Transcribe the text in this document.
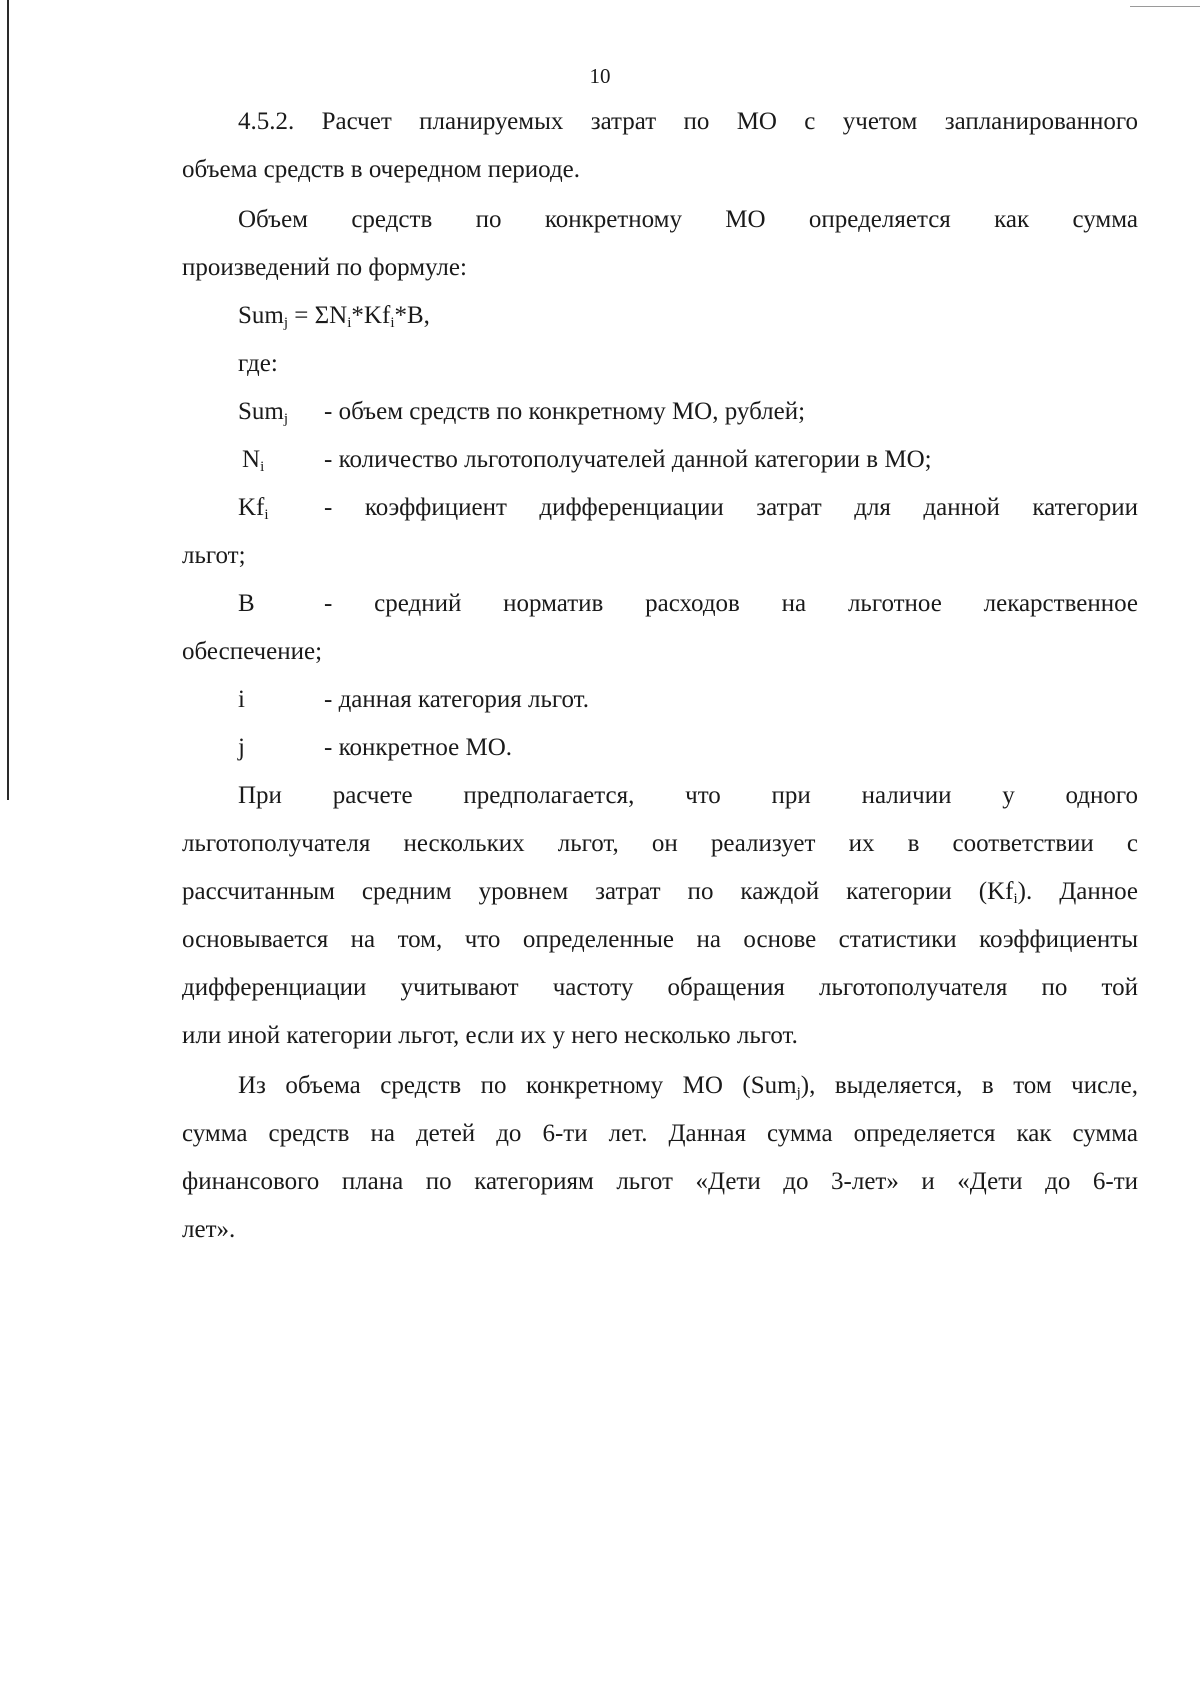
10
4.5.2. Расчет планируемых затрат по МО с учетом запланированного
объема средств в очередном периоде.
Объем средств по конкретному МО определяется как сумма
произведений по формуле:
$Sum_j = \Sigma N_i*Kf_i*B$,
где:
Sum$_j$ - объем средств по конкретному МО, рублей;
$N_i$ - количество льготополучателей данной категории в МО;
$Kf_i$ - коэффициент дифференциации затрат для данной категории
льгот;
B	- средний норматив расходов на льготное лекарственное
обеспечение;
i	- данная категория льгот.
j	- конкретное МО.
При расчете предполагается, что при наличии у одного
льготополучателя нескольких льгот, он реализует их в соответствии с
рассчитанным средним уровнем затрат по каждой категории $(Kf_i)$. Данное
основывается на том, что определенные на основе статистики коэффициенты
дифференциации учитывают частоту обращения льготополучателя по той
или иной категории льгот, если их у него несколько льгот.
Из объема средств по конкретному МО (Sum$_j$), выделяется, в том числе,
сумма средств на детей до 6-ти лет. Данная сумма определяется как сумма
финансового плана по категориям льгот «Дети до 3-лет» и «Дети до 6-ти
лет».
